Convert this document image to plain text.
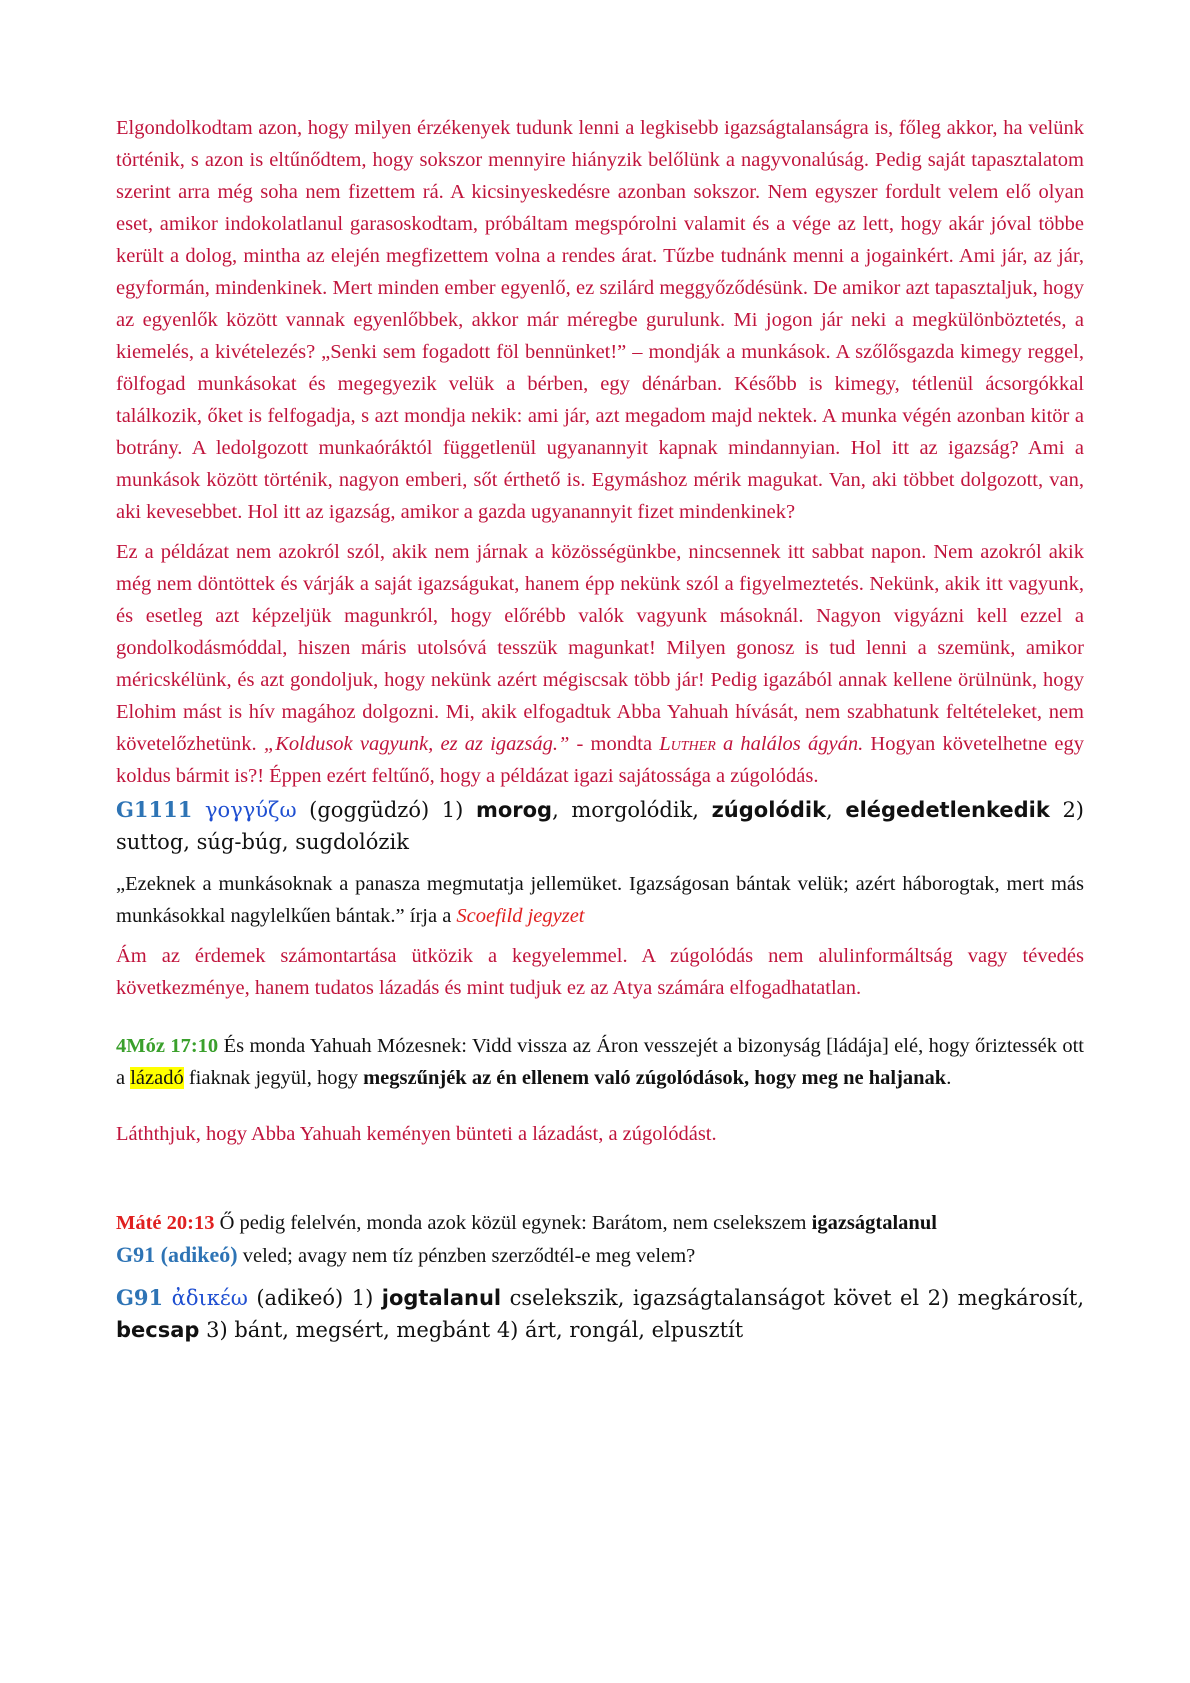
Elgondolkodtam azon, hogy milyen érzékenyek tudunk lenni a legkisebb igazságtalanságra is, főleg akkor, ha velünk történik, s azon is eltűnődtem, hogy sokszor mennyire hiányzik belőlünk a nagyvonalúság. Pedig saját tapasztalatom szerint arra még soha nem fizettem rá. A kicsinyeskedésre azonban sokszor. Nem egyszer fordult velem elő olyan eset, amikor indokolatlanul garasoskodtam, próbáltam megspórolni valamit és a vége az lett, hogy akár jóval többe került a dolog, mintha az elején megfizettem volna a rendes árat. Tűzbe tudnánk menni a jogainkért. Ami jár, az jár, egyformán, mindenkinek. Mert minden ember egyenlő, ez szilárd meggyőződésünk. De amikor azt tapasztaljuk, hogy az egyenlők között vannak egyenlőbbek, akkor már méregbe gurulunk. Mi jogon jár neki a megkülönböztetés, a kiemelés, a kivételezés? „Senki sem fogadott föl bennünket!” – mondják a munkások. A szőlősgazda kimegy reggel, fölfogad munkásokat és megegyezik velük a bérben, egy dénárban. Később is kimegy, tétlenül ácsorgókkal találkozik, őket is felfogadja, s azt mondja nekik: ami jár, azt megadom majd nektek. A munka végén azonban kitör a botrány. A ledolgozott munkaóráktól függetlenül ugyanannyit kapnak mindannyian. Hol itt az igazság? Ami a munkások között történik, nagyon emberi, sőt érthető is. Egymáshoz mérik magukat. Van, aki többet dolgozott, van, aki kevesebbet. Hol itt az igazság, amikor a gazda ugyanannyit fizet mindenkinek?

Ez a példázat nem azokról szól, akik nem járnak a közösségünkbe, nincsennek itt sabbat napon. Nem azokról akik még nem döntöttek és várják a saját igazságukat, hanem épp nekünk szól a figyelmeztetés. Nekünk, akik itt vagyunk, és esetleg azt képzeljük magunkról, hogy előrébb valók vagyunk másoknál. Nagyon vigyázni kell ezzel a gondolkodásmóddal, hiszen máris utolsóvá tesszük magunkat! Milyen gonosz is tud lenni a szemünk, amikor méricskélünk, és azt gondoljuk, hogy nekünk azért mégiscsak több jár! Pedig igazából annak kellene örülnünk, hogy Elohim mást is hív magához dolgozni. Mi, akik elfogadtuk Abba Yahuah hívását, nem szabhatunk feltételeket, nem követelőzhetünk. „Koldusok vagyunk, ez az igazság.” - mondta Luther a halálos ágyán. Hogyan követelhetne egy koldus bármit is?! Éppen ezért feltűnő, hogy a példázat igazi sajátossága a zúgolódás.

G1111 γογγύζω (goggüdzó) 1) morog, morgolódik, zúgolódik, elégedetlenkedik 2) suttog, súg-búg, sugdolózik

„Ezeknek a munkásoknak a panasza megmutatja jellemüket. Igazságosan bántak velük; azért háborogtak, mert más munkásokkal nagylelkűen bántak.” írja a Scoefild jegyzet

Ám az érdemek számontartása ütközik a kegyelemmel. A zúgolódás nem alulinformáltság vagy tévedés következménye, hanem tudatos lázadás és mint tudjuk ez az Atya számára elfogadhatatlan.

4Móz 17:10 És monda Yahuah Mózesnek: Vidd vissza az Áron vesszejét a bizonyság [ládája] elé, hogy őriztessék ott a lázadó fiaknak jegyül, hogy megszűnjék az én ellenem való zúgolódások, hogy meg ne haljanak.

Láththjuk, hogy Abba Yahuah keményen bünteti a lázadást, a zúgolódást.

Máté 20:13 Ő pedig felelvén, monda azok közül egynek: Barátom, nem cselekszem igazságtalanul
G91 (adikeó) veled; avagy nem tíz pénzben szerződtél-e meg velem?

G91 ἀδικέω (adikeó) 1) jogtalanul cselekszik, igazságtalanságot követ el 2) megkárosít, becsap 3) bánt, megsért, megbánt 4) árt, rongál, elpusztít
